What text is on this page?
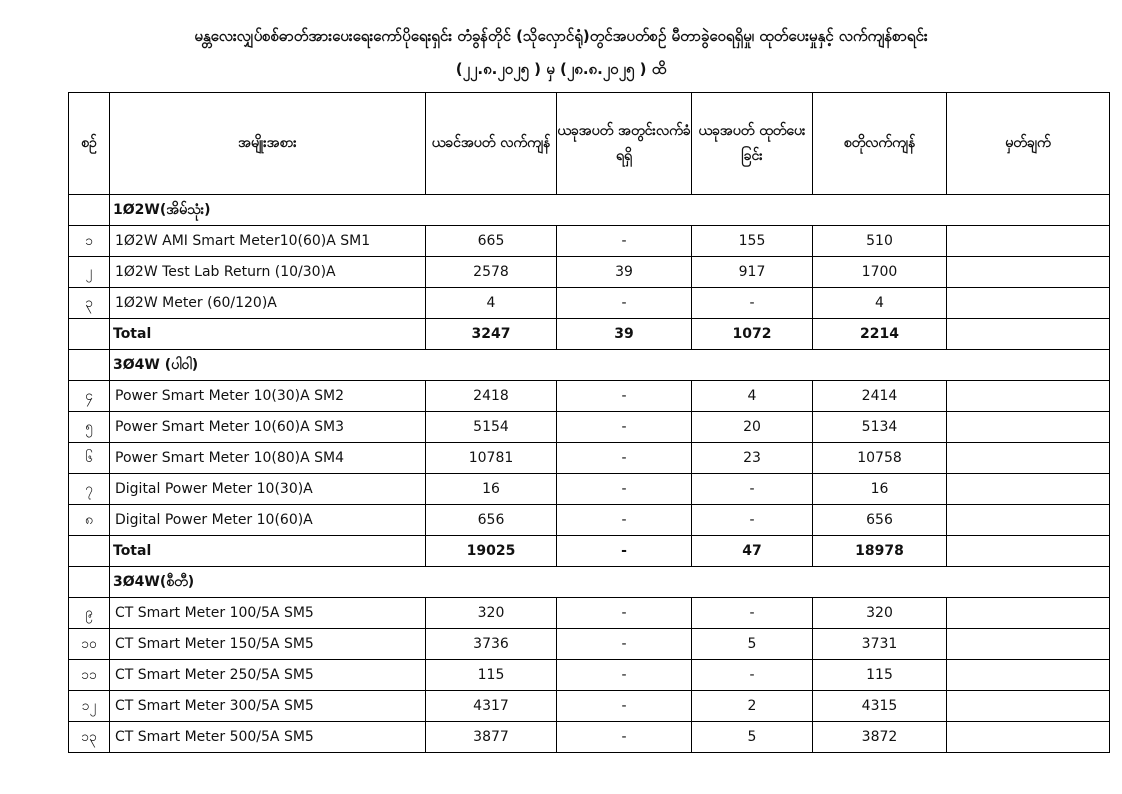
မန္တလေးလျှပ်စစ်ဓာတ်အားပေးရေးကော်ပိုရေးရှင်း တံခွန်တိုင် (သိုလှောင်ရုံ)တွင်အပတ်စဉ် မီတာခွဲဝေရရှိမှု၊ ထုတ်ပေးမှုနှင့် လက်ကျန်စာရင်း
(၂၂.၈.၂၀၂၅ ) မှ (၂၈.၈.၂၀၂၅ ) ထိ
စဉ်	အမျိုးအစား	ယခင်အပတ် လက်ကျန်	ယခုအပတ် အတွင်းလက်ခံ ရရှိ	ယခုအပတ် ထုတ်ပေးခြင်း	စတိုလက်ကျန်	မှတ်ချက်
	1Ø2W(အိမ်သုံး)					
၁	1Ø2W AMI Smart Meter10(60)A SM1	665	-	155	510	
၂	1Ø2W Test Lab Return (10/30)A	2578	39	917	1700	
၃	1Ø2W Meter (60/120)A	4	-	-	4	
	Total	3247	39	1072	2214	
	3Ø4W (ပါဝါ)					
၄	Power Smart Meter 10(30)A SM2	2418	-	4	2414	
၅	Power Smart Meter 10(60)A SM3	5154	-	20	5134	
၆	Power Smart Meter 10(80)A SM4	10781	-	23	10758	
၇	Digital Power Meter 10(30)A	16	-	-	16	
၈	Digital Power Meter 10(60)A	656	-	-	656	
	Total	19025	-	47	18978	
	3Ø4W(စီတီ)					
၉	CT Smart Meter 100/5A SM5	320	-	-	320	
၁၀	CT Smart Meter 150/5A SM5	3736	-	5	3731	
၁၁	CT Smart Meter 250/5A SM5	115	-	-	115	
၁၂	CT Smart Meter 300/5A SM5	4317	-	2	4315	
၁၃	CT Smart Meter 500/5A SM5	3877	-	5	3872	
